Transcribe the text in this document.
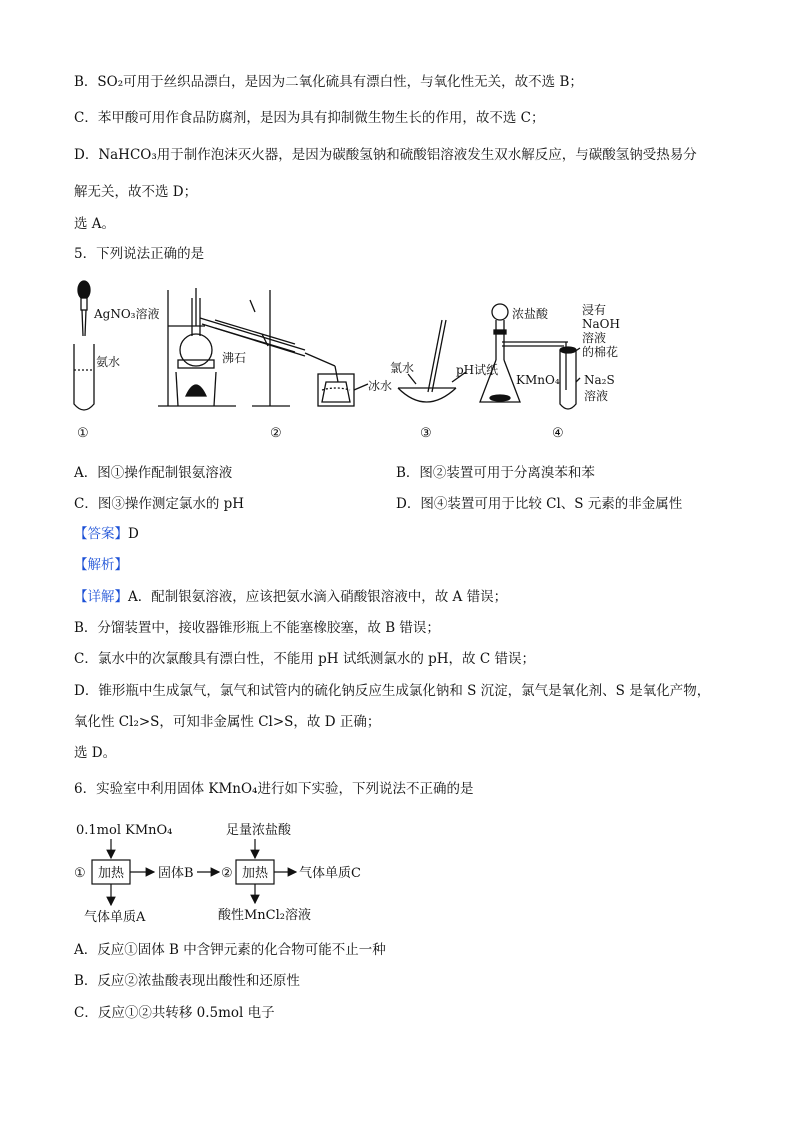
B．SO₂可用于丝织品漂白，是因为二氧化硫具有漂白性，与氧化性无关，故不选 B；
C．苯甲酸可用作食品防腐剂，是因为具有抑制微生物生长的作用，故不选 C；
D．NaHCO₃用于制作泡沫灭火器，是因为碳酸氢钠和硫酸铝溶液发生双水解反应，与碳酸氢钠受热易分
解无关，故不选 D；
选 A。
5．下列说法正确的是
AgNO₃溶液
氨水	沸石
冰水
氯水	pH试纸
浓盐酸
KMnO₄
浸有
NaOH
溶液
的棉花
Na₂S
溶液
①	②	③	④
A．图①操作配制银氨溶液	B．图②装置可用于分离溴苯和苯
C．图③操作测定氯水的 pH	D．图④装置可用于比较 Cl、S 元素的非金属性
【答案】D
【解析】
【详解】A．配制银氨溶液，应该把氨水滴入硝酸银溶液中，故 A 错误；
B．分馏装置中，接收器锥形瓶上不能塞橡胶塞，故 B 错误；
C．氯水中的次氯酸具有漂白性，不能用 pH 试纸测氯水的 pH，故 C 错误；
D．锥形瓶中生成氯气，氯气和试管内的硫化钠反应生成氯化钠和 S 沉淀，氯气是氧化剂、S 是氧化产物，
氧化性 Cl₂>S，可知非金属性 Cl>S，故 D 正确；
选 D。
6．实验室中利用固体 KMnO₄进行如下实验，下列说法不正确的是
0.1mol KMnO₄	足量浓盐酸
① 加热	固体B ② 加热 气体单质C
气体单质A	酸性MnCl₂溶液
A．反应①固体 B 中含钾元素的化合物可能不止一种
B．反应②浓盐酸表现出酸性和还原性
C．反应①②共转移 0.5mol 电子
